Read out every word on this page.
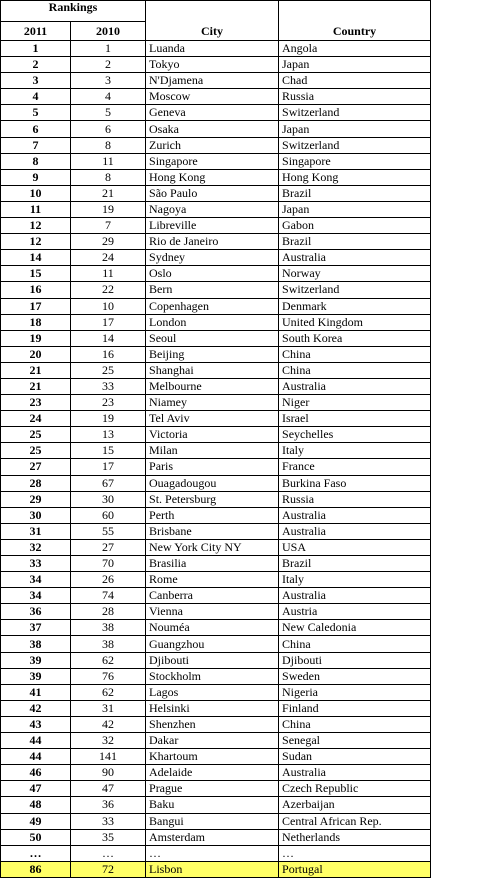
Rankings		City	Country
2011	2010		
1	1	Luanda	Angola
2	2	Tokyo	Japan
3	3	N'Djamena	Chad
4	4	Moscow	Russia
5	5	Geneva	Switzerland
6	6	Osaka	Japan
7	8	Zurich	Switzerland
8	11	Singapore	Singapore
9	8	Hong Kong	Hong Kong
10	21	São Paulo	Brazil
11	19	Nagoya	Japan
12	7	Libreville	Gabon
12	29	Rio de Janeiro	Brazil
14	24	Sydney	Australia
15	11	Oslo	Norway
16	22	Bern	Switzerland
17	10	Copenhagen	Denmark
18	17	London	United Kingdom
19	14	Seoul	South Korea
20	16	Beijing	China
21	25	Shanghai	China
21	33	Melbourne	Australia
23	23	Niamey	Niger
24	19	Tel Aviv	Israel
25	13	Victoria	Seychelles
25	15	Milan	Italy
27	17	Paris	France
28	67	Ouagadougou	Burkina Faso
29	30	St. Petersburg	Russia
30	60	Perth	Australia
31	55	Brisbane	Australia
32	27	New York City NY	USA
33	70	Brasilia	Brazil
34	26	Rome	Italy
34	74	Canberra	Australia
36	28	Vienna	Austria
37	38	Nouméa	New Caledonia
38	38	Guangzhou	China
39	62	Djibouti	Djibouti
39	76	Stockholm	Sweden
41	62	Lagos	Nigeria
42	31	Helsinki	Finland
43	42	Shenzhen	China
44	32	Dakar	Senegal
44	141	Khartoum	Sudan
46	90	Adelaide	Australia
47	47	Prague	Czech Republic
48	36	Baku	Azerbaijan
49	33	Bangui	Central African Rep.
50	35	Amsterdam	Netherlands
…	…	…	…
86	72	Lisbon	Portugal
